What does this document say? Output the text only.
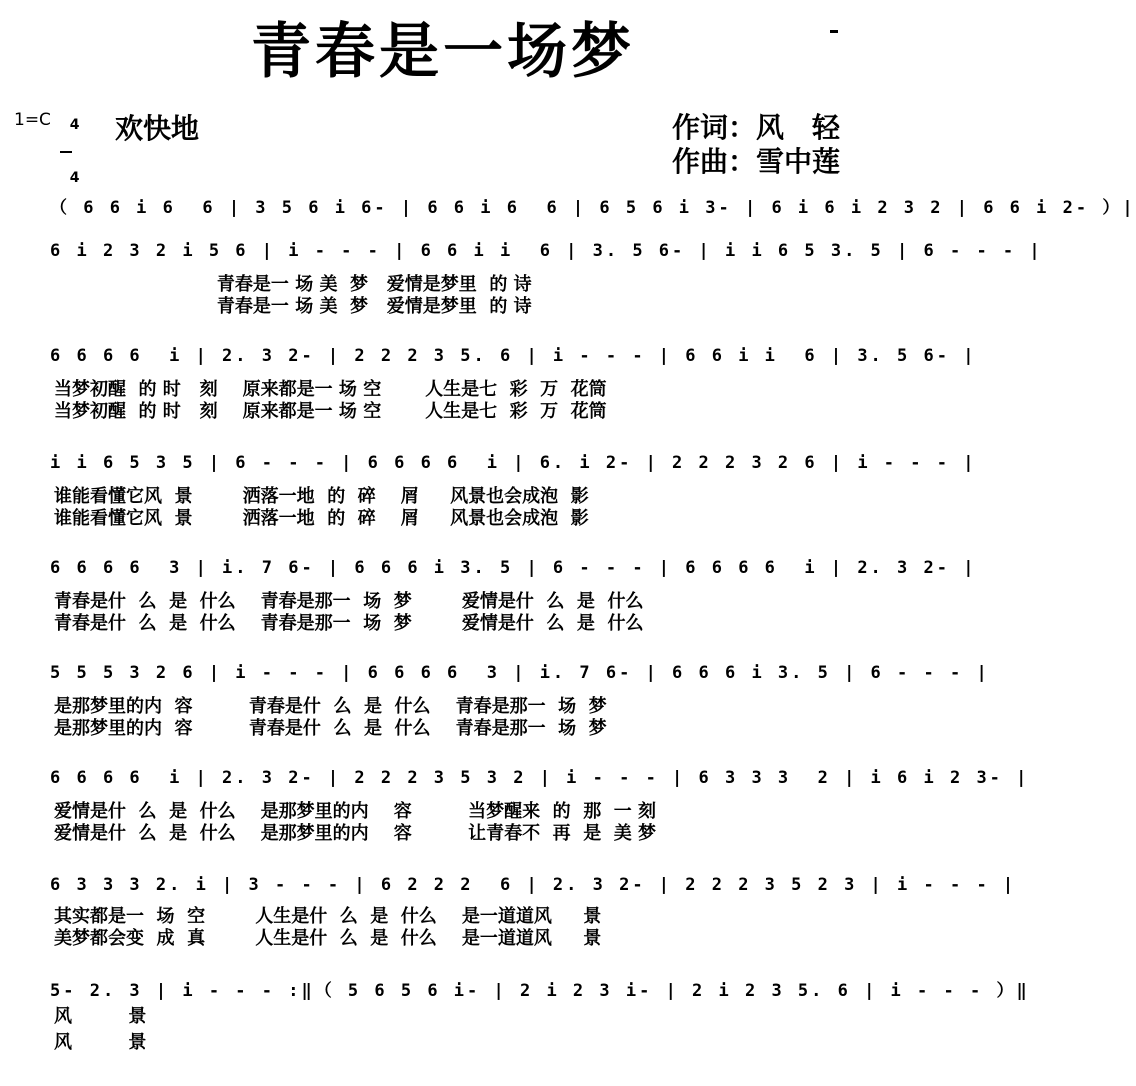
青春是一场梦
1=C	4

4

欢快地	作词：风　轻
作曲：雪中莲
（ 6 6 i 6  6 | 3 5 6 i 6- | 6 6 i 6  6 | 6 5 6 i 3- | 6 i 6 i 2 3 2 | 6 6 i 2- ）|
6 i 2 3 2 i 5 6 | i - - - | 6 6 i i  6 | 3. 5 6- | i i 6 5 3. 5 | 6 - - - |
青春是一 场 美  梦   爱情是梦里  的 诗
青春是一 场 美  梦   爱情是梦里  的 诗
6 6 6 6  i | 2. 3 2- | 2 2 2 3 5. 6 | i - - - | 6 6 i i  6 | 3. 5 6- |
当梦初醒  的 时   刻    原来都是一 场 空       人生是七  彩  万  花筒
当梦初醒  的 时   刻    原来都是一 场 空       人生是七  彩  万  花筒
i i 6 5 3 5 | 6 - - - | 6 6 6 6  i | 6. i 2- | 2 2 2 3 2 6 | i - - - |
谁能看懂它风  景        洒落一地  的  碎    屑     风景也会成泡  影
谁能看懂它风  景        洒落一地  的  碎    屑     风景也会成泡  影
6 6 6 6  3 | i. 7 6- | 6 6 6 i 3. 5 | 6 - - - | 6 6 6 6  i | 2. 3 2- |
青春是什  么  是  什么    青春是那一  场  梦        爱情是什  么  是  什么
青春是什  么  是  什么    青春是那一  场  梦        爱情是什  么  是  什么
5 5 5 3 2 6 | i - - - | 6 6 6 6  3 | i. 7 6- | 6 6 6 i 3. 5 | 6 - - - |
是那梦里的内  容         青春是什  么  是  什么    青春是那一  场  梦
是那梦里的内  容         青春是什  么  是  什么    青春是那一  场  梦
6 6 6 6  i | 2. 3 2- | 2 2 2 3 5 3 2 | i - - - | 6 3 3 3  2 | i 6 i 2 3- |
爱情是什  么  是  什么    是那梦里的内    容         当梦醒来  的  那  一 刻
爱情是什  么  是  什么    是那梦里的内    容         让青春不  再  是  美 梦
6 3 3 3 2. i | 3 - - - | 6 2 2 2  6 | 2. 3 2- | 2 2 2 3 5 2 3 | i - - - |
其实都是一  场  空        人生是什  么  是  什么    是一道道风     景
美梦都会变  成  真        人生是什  么  是  什么    是一道道风     景
5- 2. 3 | i - - - :‖（ 5 6 5 6 i- | 2 i 2 3 i- | 2 i 2 3 5. 6 | i - - - ）‖
风         景
风         景
